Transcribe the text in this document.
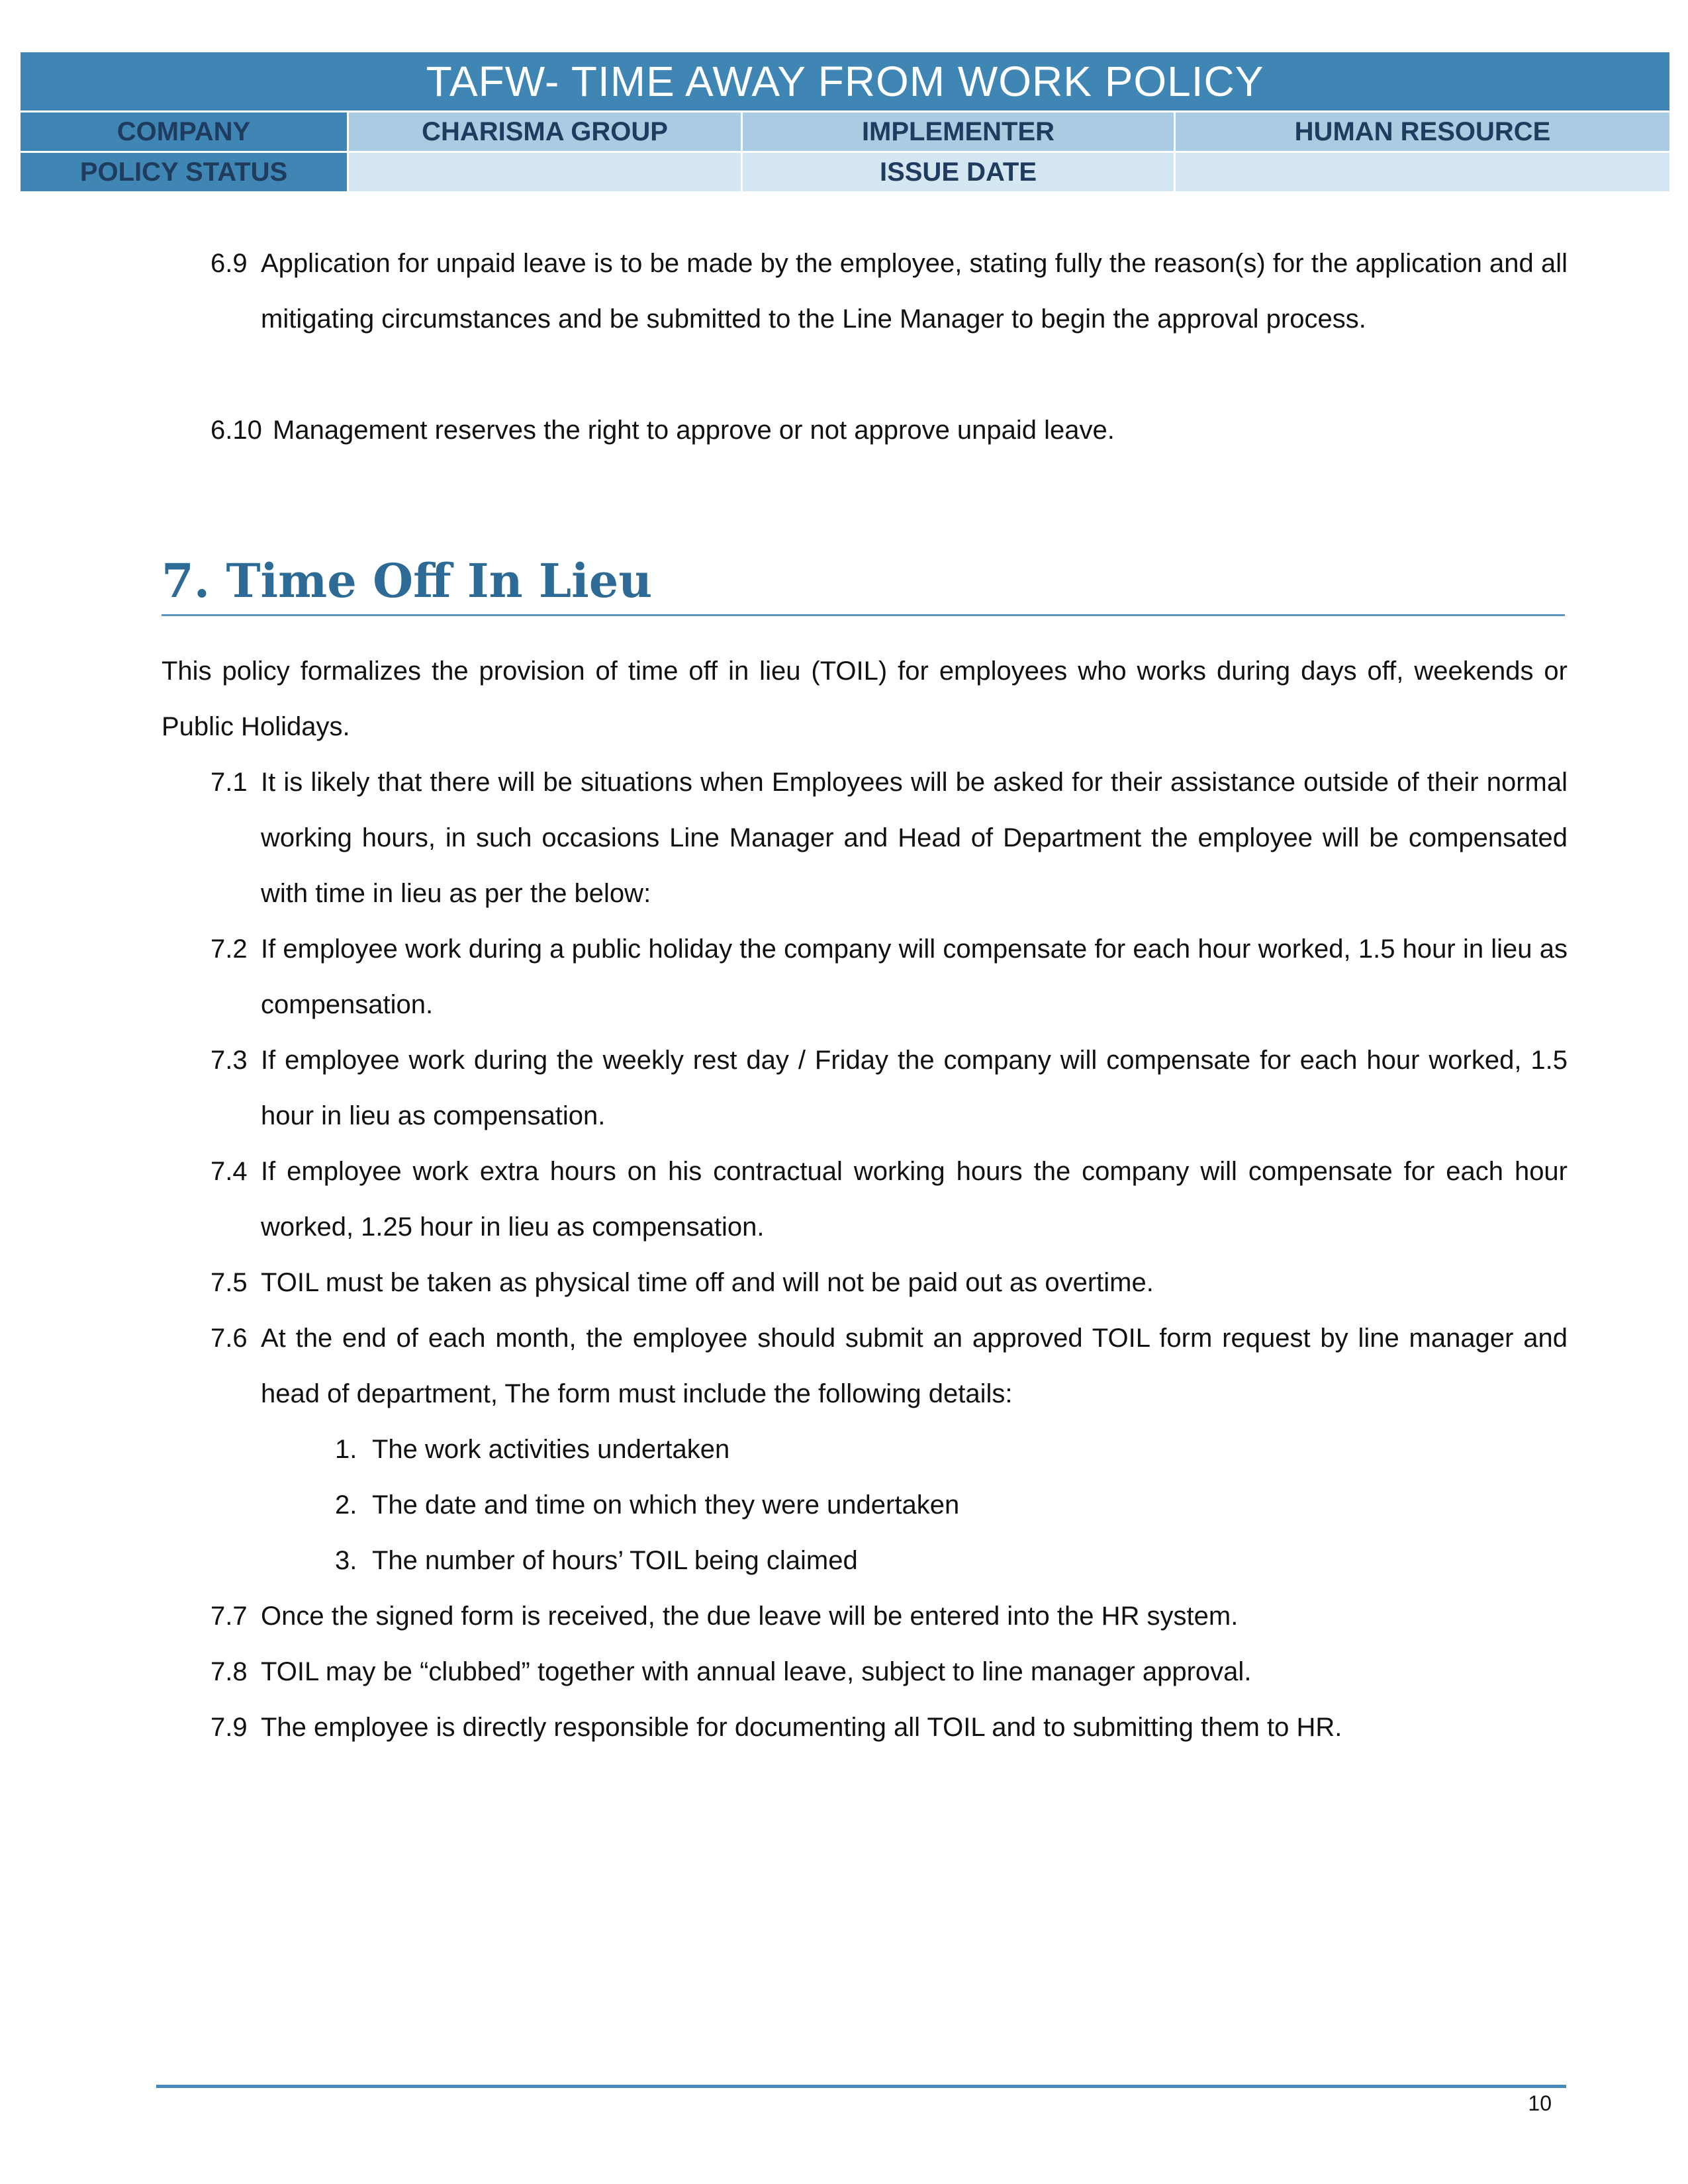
TAFW- TIME AWAY FROM WORK POLICY			
COMPANY	CHARISMA GROUP	IMPLEMENTER	HUMAN RESOURCE
POLICY STATUS		ISSUE DATE	
6.9 Application for unpaid leave is to be made by the employee, stating fully the reason(s) for the application and all mitigating circumstances and be submitted to the Line Manager to begin the approval process.
6.10 Management reserves the right to approve or not approve unpaid leave.
7. Time Off In Lieu
This policy formalizes the provision of time off in lieu (TOIL) for employees who works during days off, weekends or Public Holidays.
7.1 It is likely that there will be situations when Employees will be asked for their assistance outside of their normal working hours, in such occasions Line Manager and Head of Department the employee will be compensated with time in lieu as per the below:
7.2 If employee work during a public holiday the company will compensate for each hour worked, 1.5 hour in lieu as compensation.
7.3 If employee work during the weekly rest day / Friday the company will compensate for each hour worked, 1.5 hour in lieu as compensation.
7.4 If employee work extra hours on his contractual working hours the company will compensate for each hour worked, 1.25 hour in lieu as compensation.
7.5 TOIL must be taken as physical time off and will not be paid out as overtime.
7.6 At the end of each month, the employee should submit an approved TOIL form request by line manager and head of department, The form must include the following details:
1. The work activities undertaken
2. The date and time on which they were undertaken
3. The number of hours’ TOIL being claimed
7.7 Once the signed form is received, the due leave will be entered into the HR system.
7.8 TOIL may be “clubbed” together with annual leave, subject to line manager approval.
7.9 The employee is directly responsible for documenting all TOIL and to submitting them to HR.
10
